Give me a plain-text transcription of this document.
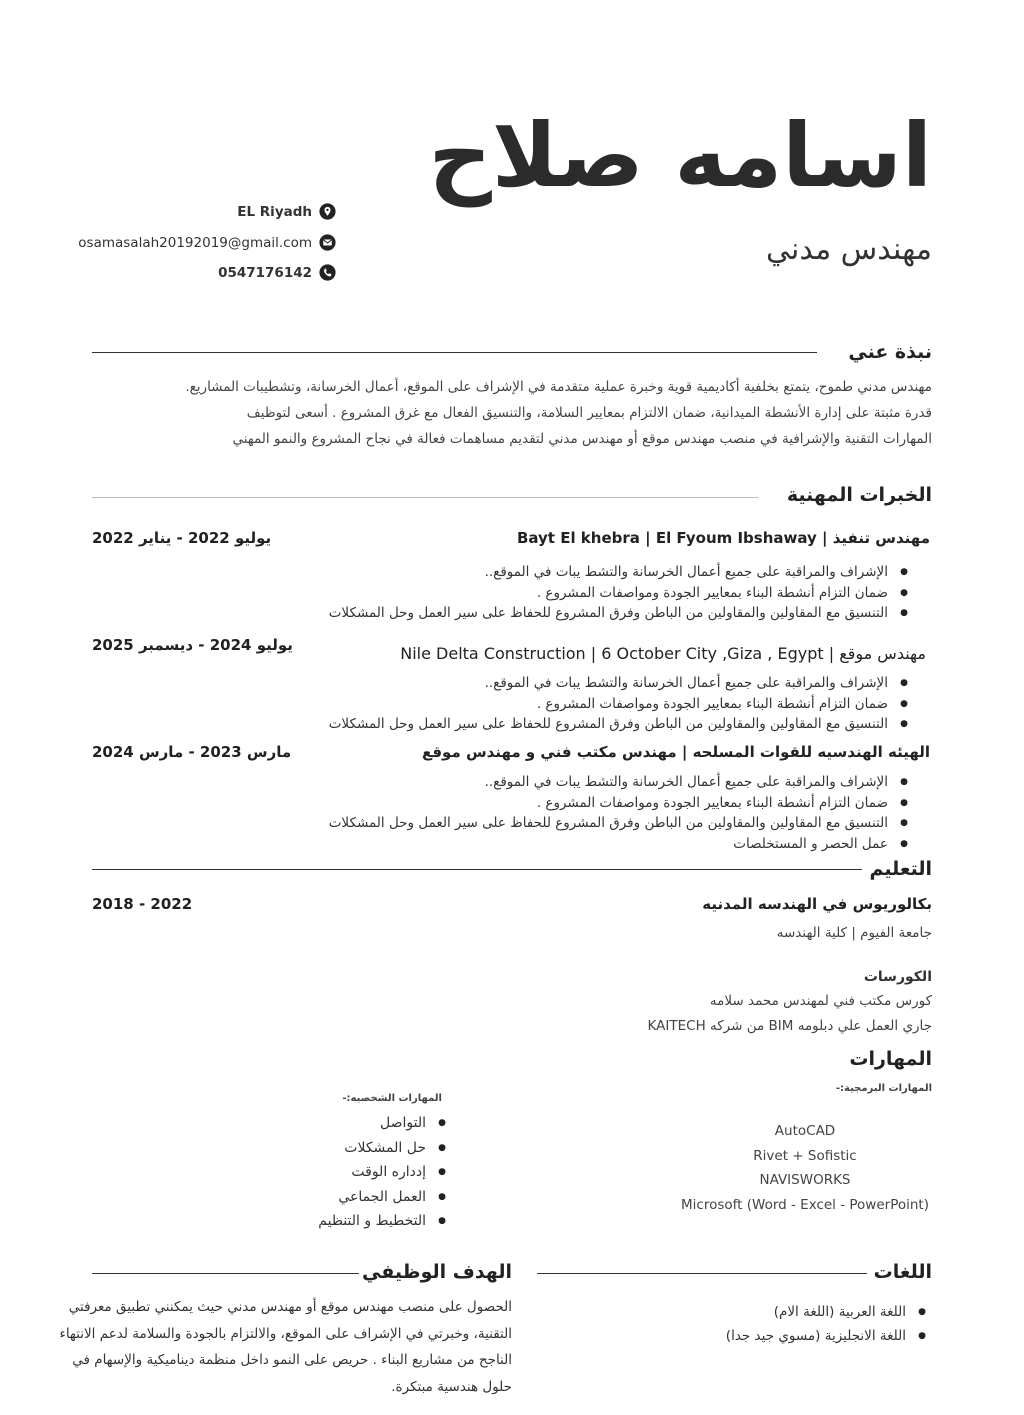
اسامه صلاح
مهندس مدني
EL Riyadh
osamasalah20192019@gmail.com
0547176142
نبذة عني
مهندس مدني طموح، يتمتع بخلفية أكاديمية قوية وخبرة عملية متقدمة في الإشراف على الموقع، أعمال الخرسانة، وتشطيبات المشاريع.
قدرة مثبتة على إدارة الأنشطة الميدانية، ضمان الالتزام بمعايير السلامة، والتنسيق الفعال مع غرق المشروع . أسعى لتوظيف
المهارات التقنية والإشرافية في منصب مهندس موقع أو مهندس مدني لتقديم مساهمات فعالة في نجاح المشروع والنمو المهني
الخبرات المهنية
مهندس تنفيذ | Bayt El khebra | El Fyoum Ibshaway
يوليو 2022 - يناير 2022
● الإشراف والمراقبة على جميع أعمال الخرسانة والتشط يبات في الموقع..
● ضمان التزام أنشطة البناء بمعايير الجودة ومواصفات المشروع .
● التنسيق مع المقاولين والمقاولين من الباطن وفرق المشروع للحفاظ على سير العمل وحل المشكلات
مهندس موقع | Nile Delta Construction | 6 October City ,Giza , Egypt
يوليو 2024 - ديسمبر 2025
● الإشراف والمراقبة على جميع أعمال الخرسانة والتشط يبات في الموقع..
● ضمان التزام أنشطة البناء بمعايير الجودة ومواصفات المشروع .
● التنسيق مع المقاولين والمقاولين من الباطن وفرق المشروع للحفاظ على سير العمل وحل المشكلات
الهيئه الهندسيه للقوات المسلحه | مهندس مكتب فني و مهندس موقع
مارس 2023 - مارس 2024
● الإشراف والمراقبة على جميع أعمال الخرسانة والتشط يبات في الموقع..
● ضمان التزام أنشطة البناء بمعايير الجودة ومواصفات المشروع .
● التنسيق مع المقاولين والمقاولين من الباطن وفرق المشروع للحفاظ على سير العمل وحل المشكلات
● عمل الحصر و المستخلصات
التعليم
بكالوريوس في الهندسه المدنيه
2022 - 2018
جامعة الفيوم | كلية الهندسه
الكورسات
كورس مكتب فني لمهندس محمد سلامه
جاري العمل علي دبلومه BIM من شركه KAITECH
المهارات
المهارات البرمجية:-
AutoCAD
Rivet + Sofistic
NAVISWORKS
Microsoft (Word - Excel - PowerPoint)
المهارات الشخصيه:-
● التواصل
● حل المشكلات
● إدداره الوقت
● العمل الجماعي
● التخطيط و التنظيم
اللغات
● اللغة العربية (اللغة الام)
● اللغة الانجليزية (مسوي جيد جدا)
الهدف الوظيفي
الحصول على منصب مهندس موقع أو مهندس مدني حيث يمكنني تطبيق معرفتي
التقنية، وخبرتي في الإشراف على الموقع، والالتزام بالجودة والسلامة لدعم الانتهاء
الناجح من مشاريع البناء . حريص على النمو داخل منظمة ديناميكية والإسهام في
حلول هندسية مبتكرة.
